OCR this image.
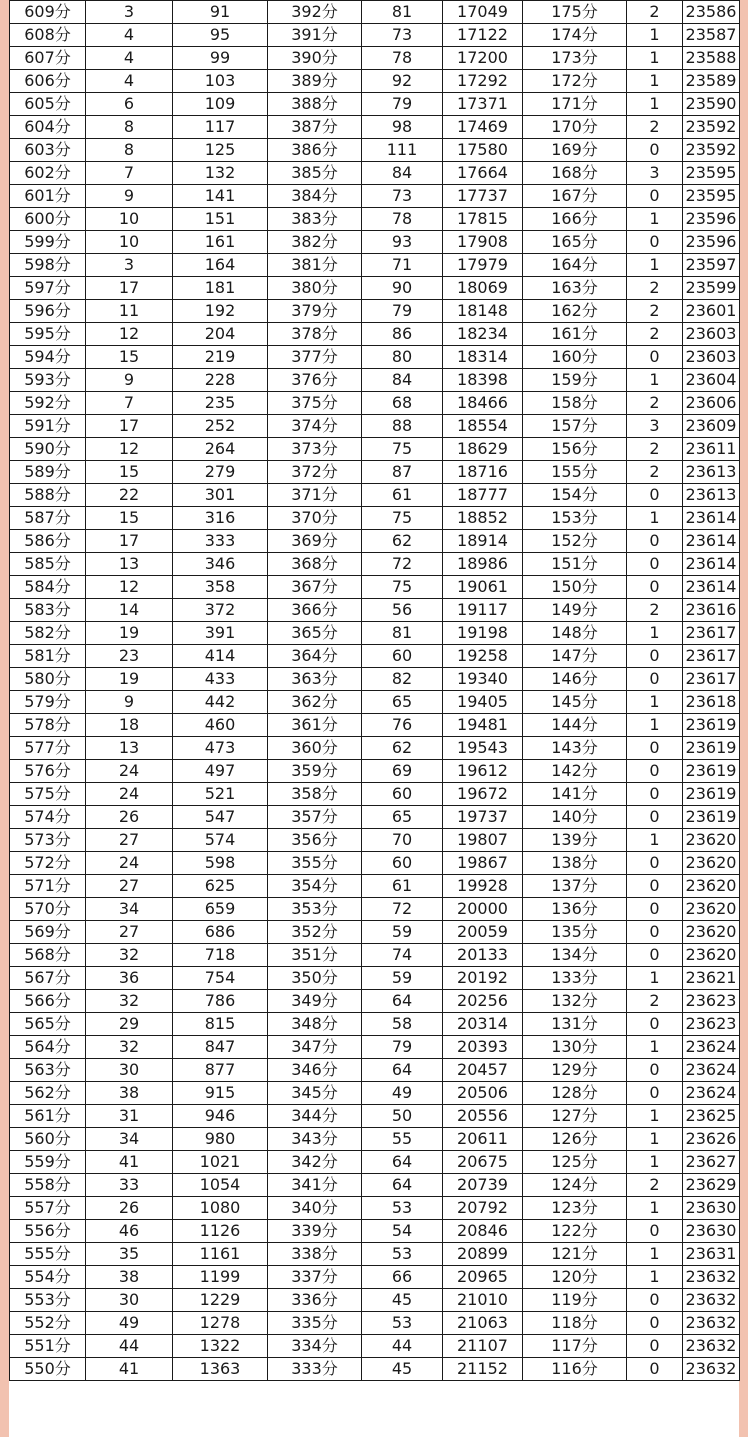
609分	3	91	392分	81	17049	175分	2	23586
608分	4	95	391分	73	17122	174分	1	23587
607分	4	99	390分	78	17200	173分	1	23588
606分	4	103	389分	92	17292	172分	1	23589
605分	6	109	388分	79	17371	171分	1	23590
604分	8	117	387分	98	17469	170分	2	23592
603分	8	125	386分	111	17580	169分	0	23592
602分	7	132	385分	84	17664	168分	3	23595
601分	9	141	384分	73	17737	167分	0	23595
600分	10	151	383分	78	17815	166分	1	23596
599分	10	161	382分	93	17908	165分	0	23596
598分	3	164	381分	71	17979	164分	1	23597
597分	17	181	380分	90	18069	163分	2	23599
596分	11	192	379分	79	18148	162分	2	23601
595分	12	204	378分	86	18234	161分	2	23603
594分	15	219	377分	80	18314	160分	0	23603
593分	9	228	376分	84	18398	159分	1	23604
592分	7	235	375分	68	18466	158分	2	23606
591分	17	252	374分	88	18554	157分	3	23609
590分	12	264	373分	75	18629	156分	2	23611
589分	15	279	372分	87	18716	155分	2	23613
588分	22	301	371分	61	18777	154分	0	23613
587分	15	316	370分	75	18852	153分	1	23614
586分	17	333	369分	62	18914	152分	0	23614
585分	13	346	368分	72	18986	151分	0	23614
584分	12	358	367分	75	19061	150分	0	23614
583分	14	372	366分	56	19117	149分	2	23616
582分	19	391	365分	81	19198	148分	1	23617
581分	23	414	364分	60	19258	147分	0	23617
580分	19	433	363分	82	19340	146分	0	23617
579分	9	442	362分	65	19405	145分	1	23618
578分	18	460	361分	76	19481	144分	1	23619
577分	13	473	360分	62	19543	143分	0	23619
576分	24	497	359分	69	19612	142分	0	23619
575分	24	521	358分	60	19672	141分	0	23619
574分	26	547	357分	65	19737	140分	0	23619
573分	27	574	356分	70	19807	139分	1	23620
572分	24	598	355分	60	19867	138分	0	23620
571分	27	625	354分	61	19928	137分	0	23620
570分	34	659	353分	72	20000	136分	0	23620
569分	27	686	352分	59	20059	135分	0	23620
568分	32	718	351分	74	20133	134分	0	23620
567分	36	754	350分	59	20192	133分	1	23621
566分	32	786	349分	64	20256	132分	2	23623
565分	29	815	348分	58	20314	131分	0	23623
564分	32	847	347分	79	20393	130分	1	23624
563分	30	877	346分	64	20457	129分	0	23624
562分	38	915	345分	49	20506	128分	0	23624
561分	31	946	344分	50	20556	127分	1	23625
560分	34	980	343分	55	20611	126分	1	23626
559分	41	1021	342分	64	20675	125分	1	23627
558分	33	1054	341分	64	20739	124分	2	23629
557分	26	1080	340分	53	20792	123分	1	23630
556分	46	1126	339分	54	20846	122分	0	23630
555分	35	1161	338分	53	20899	121分	1	23631
554分	38	1199	337分	66	20965	120分	1	23632
553分	30	1229	336分	45	21010	119分	0	23632
552分	49	1278	335分	53	21063	118分	0	23632
551分	44	1322	334分	44	21107	117分	0	23632
550分	41	1363	333分	45	21152	116分	0	23632
